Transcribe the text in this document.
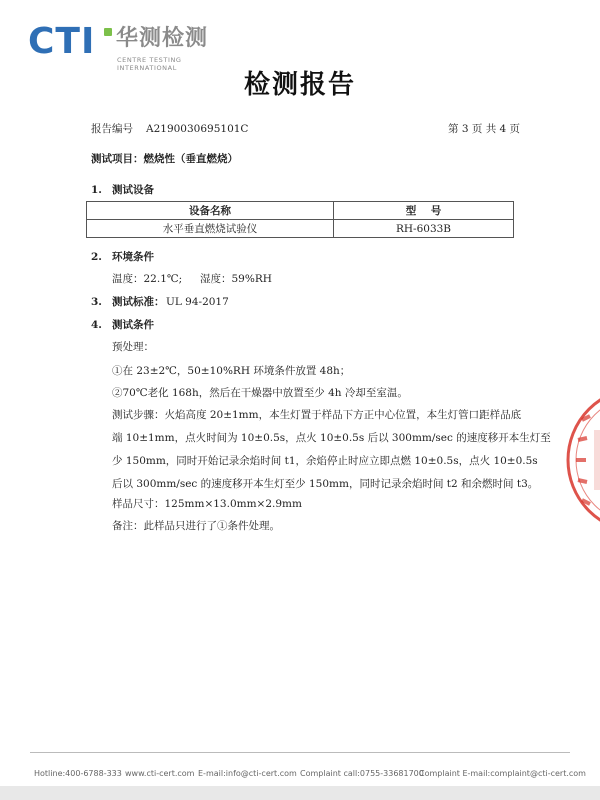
CTI 华测检测
CENTRE TESTING INTERNATIONAL
检测报告
报告编号 A2190030695101C	第 3 页 共 4 页
测试项目：燃烧性（垂直燃烧）
1. 测试设备
设备名称	型    号
水平垂直燃烧试验仪	RH-6033B
2. 环境条件
温度：22.1℃; 湿度：59%RH
3. 测试标准： UL 94-2017
4. 测试条件
预处理：
①在 23±2℃，50±10%RH 环境条件放置 48h；
②70℃老化 168h，然后在干燥器中放置至少 4h 冷却至室温。
测试步骤：火焰高度 20±1mm，本生灯置于样品下方正中心位置，本生灯管口距样品底
端 10±1mm，点火时间为 10±0.5s，点火 10±0.5s 后以 300mm/sec 的速度移开本生灯至
少 150mm，同时开始记录余焰时间 t1，余焰停止时应立即点燃 10±0.5s，点火 10±0.5s
后以 300mm/sec 的速度移开本生灯至少 150mm，同时记录余焰时间 t2 和余燃时间 t3。
样品尺寸：125mm×13.0mm×2.9mm
备注：此样品只进行了①条件处理。
Hotline:400-6788-333 www.cti-cert.com E-mail:info@cti-cert.com Complaint call:0755-33681700
Complaint E-mail:complaint@cti-cert.com
